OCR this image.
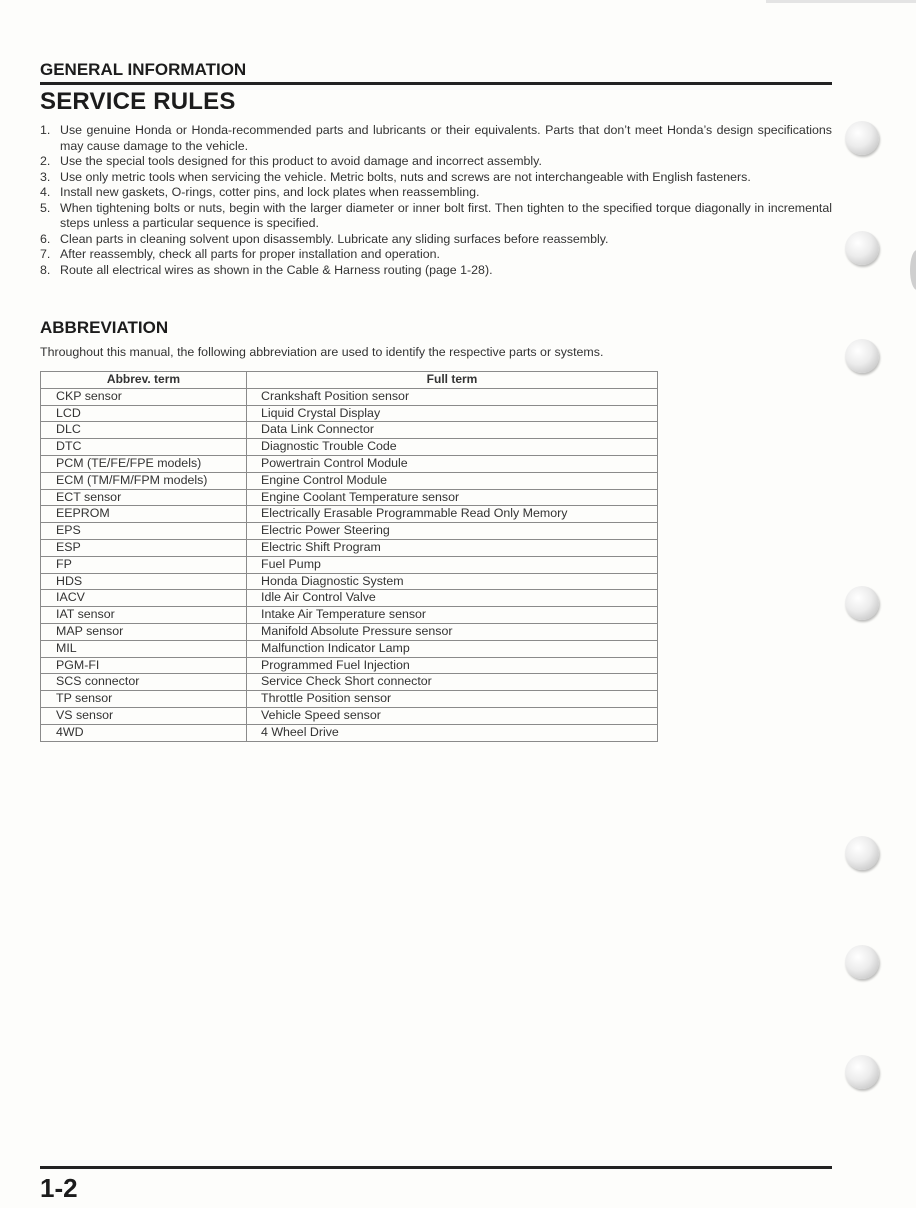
GENERAL INFORMATION
SERVICE RULES
1. Use genuine Honda or Honda-recommended parts and lubricants or their equivalents. Parts that don’t meet Honda’s design specifications may cause damage to the vehicle.
2. Use the special tools designed for this product to avoid damage and incorrect assembly.
3. Use only metric tools when servicing the vehicle. Metric bolts, nuts and screws are not interchangeable with English fasteners.
4. Install new gaskets, O-rings, cotter pins, and lock plates when reassembling.
5. When tightening bolts or nuts, begin with the larger diameter or inner bolt first. Then tighten to the specified torque diagonally in incremental steps unless a particular sequence is specified.
6. Clean parts in cleaning solvent upon disassembly. Lubricate any sliding surfaces before reassembly.
7. After reassembly, check all parts for proper installation and operation.
8. Route all electrical wires as shown in the Cable & Harness routing (page 1-28).
ABBREVIATION
Throughout this manual, the following abbreviation are used to identify the respective parts or systems.
Abbrev. term	Full term
CKP sensor	Crankshaft Position sensor
LCD	Liquid Crystal Display
DLC	Data Link Connector
DTC	Diagnostic Trouble Code
PCM (TE/FE/FPE models)	Powertrain Control Module
ECM (TM/FM/FPM models)	Engine Control Module
ECT sensor	Engine Coolant Temperature sensor
EEPROM	Electrically Erasable Programmable Read Only Memory
EPS	Electric Power Steering
ESP	Electric Shift Program
FP	Fuel Pump
HDS	Honda Diagnostic System
IACV	Idle Air Control Valve
IAT sensor	Intake Air Temperature sensor
MAP sensor	Manifold Absolute Pressure sensor
MIL	Malfunction Indicator Lamp
PGM-FI	Programmed Fuel Injection
SCS connector	Service Check Short connector
TP sensor	Throttle Position sensor
VS sensor	Vehicle Speed sensor
4WD	4 Wheel Drive
1-2
